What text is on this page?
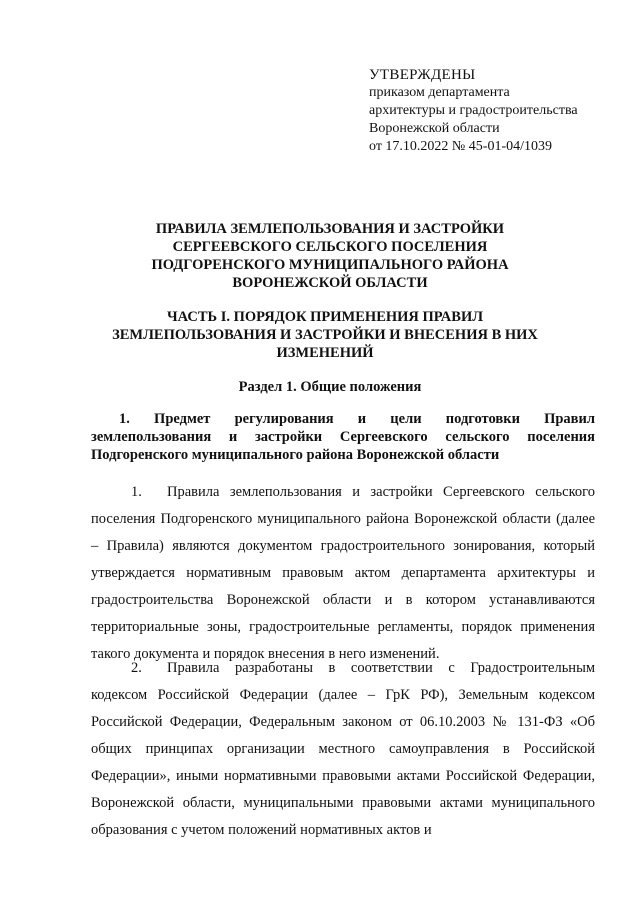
УТВЕРЖДЕНЫ
приказом департамента
архитектуры и градостроительства
Воронежской области
от 17.10.2022 № 45-01-04/1039
ПРАВИЛА ЗЕМЛЕПОЛЬЗОВАНИЯ И ЗАСТРОЙКИ
СЕРГЕЕВСКОГО СЕЛЬСКОГО ПОСЕЛЕНИЯ
ПОДГОРЕНСКОГО МУНИЦИПАЛЬНОГО РАЙОНА
ВОРОНЕЖСКОЙ ОБЛАСТИ
ЧАСТЬ I. ПОРЯДОК ПРИМЕНЕНИЯ ПРАВИЛ ЗЕМЛЕПОЛЬЗОВАНИЯ И ЗАСТРОЙКИ И ВНЕСЕНИЯ В НИХ ИЗМЕНЕНИЙ
Раздел 1. Общие положения
1. Предмет регулирования и цели подготовки Правил землепользования и застройки Сергеевского сельского поселения Подгоренского муниципального района Воронежской области
1. Правила землепользования и застройки Сергеевского сельского поселения Подгоренского муниципального района Воронежской области (далее – Правила) являются документом градостроительного зонирования, который утверждается нормативным правовым актом департамента архитектуры и градостроительства Воронежской области и в котором устанавливаются территориальные зоны, градостроительные регламенты, порядок применения такого документа и порядок внесения в него изменений.
2. Правила разработаны в соответствии с Градостроительным кодексом Российской Федерации (далее – ГрК РФ), Земельным кодексом Российской Федерации, Федеральным законом от 06.10.2003 № 131-ФЗ «Об общих принципах организации местного самоуправления в Российской Федерации», иными нормативными правовыми актами Российской Федерации, Воронежской области, муниципальными правовыми актами муниципального образования с учетом положений нормативных актов и
